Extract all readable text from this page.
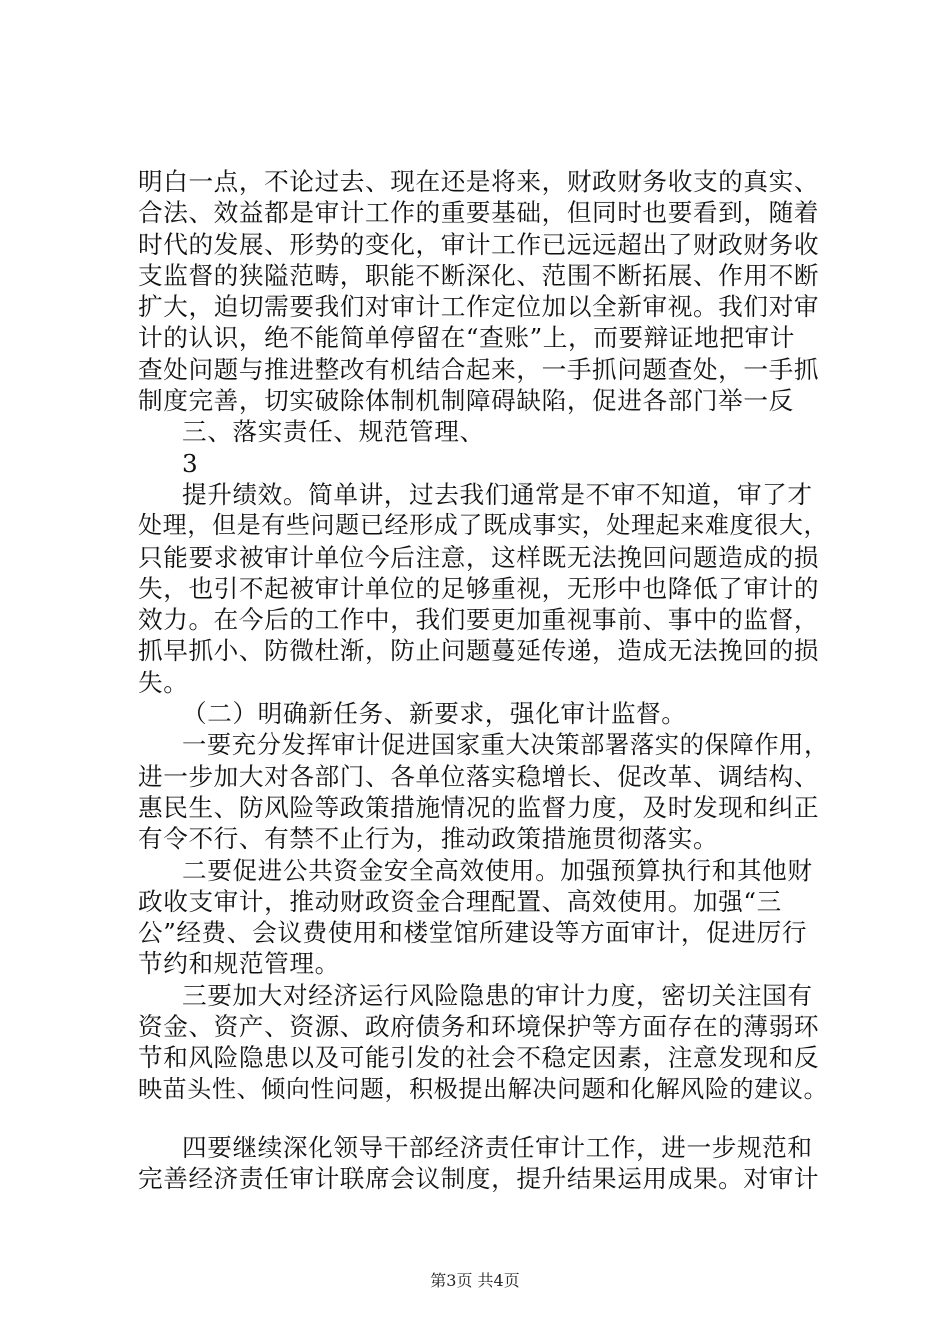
明白一点，不论过去、现在还是将来，财政财务收支的真实、
合法、效益都是审计工作的重要基础，但同时也要看到，随着
时代的发展、形势的变化，审计工作已远远超出了财政财务收
支监督的狭隘范畴，职能不断深化、范围不断拓展、作用不断
扩大，迫切需要我们对审计工作定位加以全新审视。我们对审
计的认识，绝不能简单停留在“查账”上，而要辩证地把审计
查处问题与推进整改有机结合起来，一手抓问题查处，一手抓
制度完善，切实破除体制机制障碍缺陷，促进各部门举一反
三、落实责任、规范管理、
3
提升绩效。简单讲，过去我们通常是不审不知道，审了才
处理，但是有些问题已经形成了既成事实，处理起来难度很大，
只能要求被审计单位今后注意，这样既无法挽回问题造成的损
失，也引不起被审计单位的足够重视，无形中也降低了审计的
效力。在今后的工作中，我们要更加重视事前、事中的监督，
抓早抓小、防微杜渐，防止问题蔓延传递，造成无法挽回的损
失。
（二）明确新任务、新要求，强化审计监督。
一要充分发挥审计促进国家重大决策部署落实的保障作用，
进一步加大对各部门、各单位落实稳增长、促改革、调结构、
惠民生、防风险等政策措施情况的监督力度，及时发现和纠正
有令不行、有禁不止行为，推动政策措施贯彻落实。
二要促进公共资金安全高效使用。加强预算执行和其他财
政收支审计，推动财政资金合理配置、高效使用。加强“三
公”经费、会议费使用和楼堂馆所建设等方面审计，促进厉行
节约和规范管理。
三要加大对经济运行风险隐患的审计力度，密切关注国有
资金、资产、资源、政府债务和环境保护等方面存在的薄弱环
节和风险隐患以及可能引发的社会不稳定因素，注意发现和反
映苗头性、倾向性问题，积极提出解决问题和化解风险的建议。
四要继续深化领导干部经济责任审计工作，进一步规范和
完善经济责任审计联席会议制度，提升结果运用成果。对审计
第3页 共4页
